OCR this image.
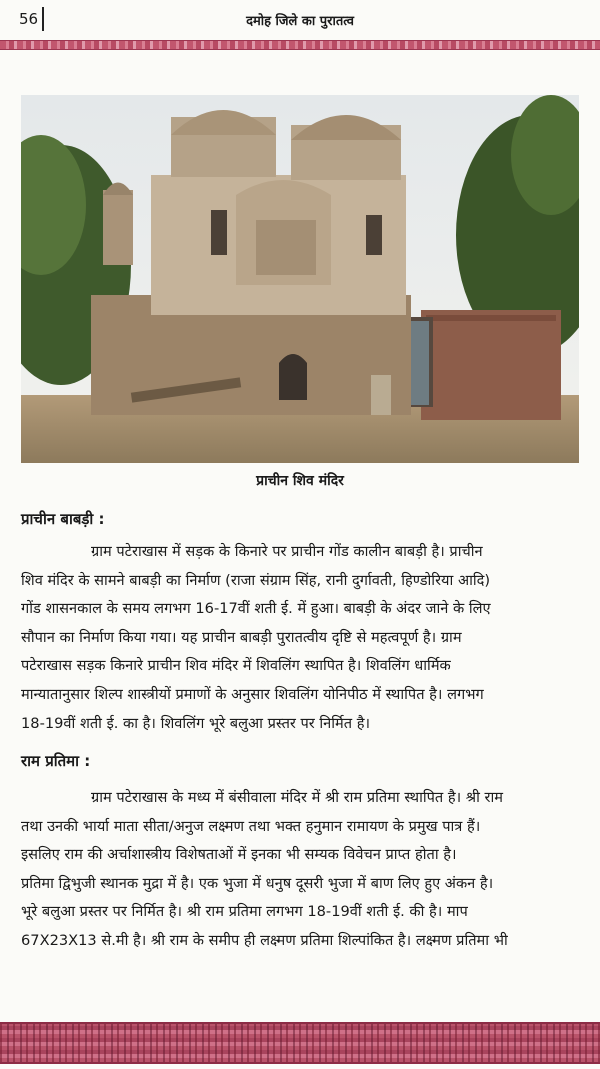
56	दमोह जिले का पुरातत्व
प्राचीन शिव मंदिर
प्राचीन बाबड़ी :
ग्राम पटेराखास में सड़क के किनारे पर प्राचीन गोंड कालीन बाबड़ी है। प्राचीन
शिव मंदिर के सामने बाबड़ी का निर्माण (राजा संग्राम सिंह, रानी दुर्गावती, हिण्डोरिया आदि)
गोंड शासनकाल के समय लगभग 16-17वीं शती ई. में हुआ। बाबड़ी के अंदर जाने के लिए
सौपान का निर्माण किया गया। यह प्राचीन बाबड़ी पुरातत्वीय दृष्टि से महत्वपूर्ण है। ग्राम
पटेराखास सड़क किनारे प्राचीन शिव मंदिर में शिवलिंग स्थापित है। शिवलिंग धार्मिक
मान्यातानुसार शिल्प शास्त्रीयों प्रमाणों के अनुसार शिवलिंग योनिपीठ में स्थापित है। लगभग
18-19वीं शती ई. का है। शिवलिंग भूरे बलुआ प्रस्तर पर निर्मित है।
राम प्रतिमा :
ग्राम पटेराखास के मध्य में बंसीवाला मंदिर में श्री राम प्रतिमा स्थापित है। श्री राम
तथा उनकी भार्या माता सीता/अनुज लक्ष्मण तथा भक्त हनुमान रामायण के प्रमुख पात्र हैं।
इसलिए राम की अर्चाशास्त्रीय विशेषताओं में इनका भी सम्यक विवेचन प्राप्त होता है।
प्रतिमा द्विभुजी स्थानक मुद्रा में है। एक भुजा में धनुष दूसरी भुजा में बाण लिए हुए अंकन है।
भूरे बलुआ प्रस्तर पर निर्मित है। श्री राम प्रतिमा लगभग 18-19वीं शती ई. की है। माप
67X23X13 से.मी है। श्री राम के समीप ही लक्ष्मण प्रतिमा शिल्पांकित है। लक्ष्मण प्रतिमा भी
